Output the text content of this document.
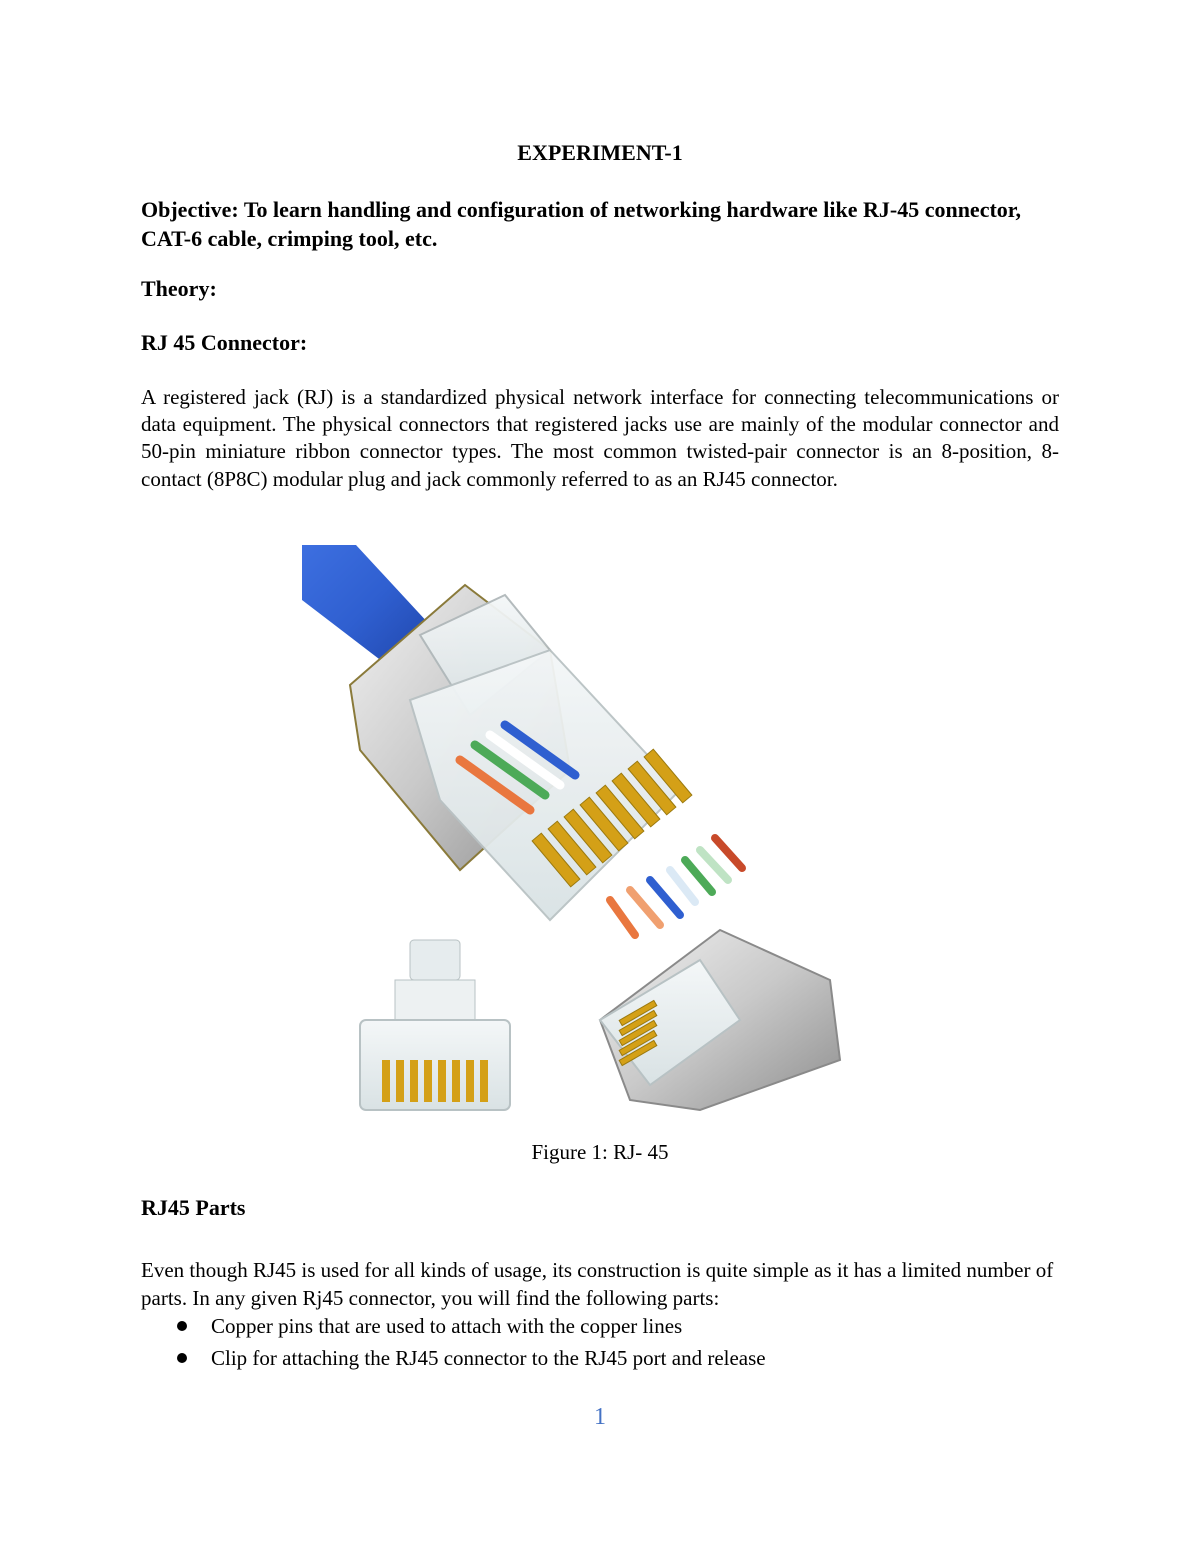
EXPERIMENT-1

Objective: To learn handling and configuration of networking hardware like RJ-45 connector, CAT-6 cable, crimping tool, etc.

Theory:
RJ 45 Connector:

A registered jack (RJ) is a standardized physical network interface for connecting telecommunications or data equipment. The physical connectors that registered jacks use are mainly of the modular connector and 50-pin miniature ribbon connector types. The most common twisted-pair connector is an 8-position, 8-contact (8P8C) modular plug and jack commonly referred to as an RJ45 connector.

Figure 1: RJ- 45

RJ45 Parts

Even though RJ45 is used for all kinds of usage, its construction is quite simple as it has a limited number of parts. In any given Rj45 connector, you will find the following parts:

Copper pins that are used to attach with the copper lines
Clip for attaching the RJ45 connector to the RJ45 port and release
1
